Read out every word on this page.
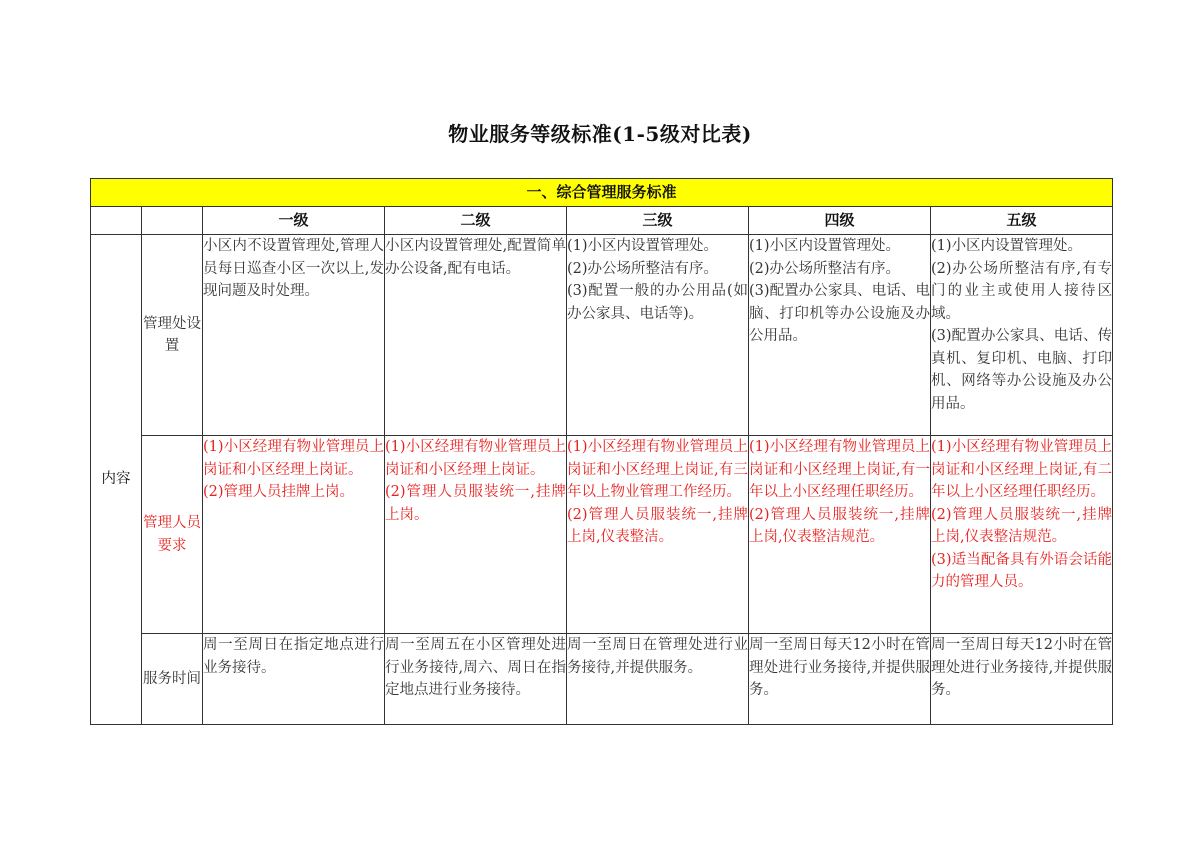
物业服务等级标准(1-5级对比表)
一、综合管理服务标准						
		一级	二级	三级	四级	五级
内容	管理处设置	小区内不设置管理处,管理人员每日巡查小区一次以上,发现问题及时处理。	小区内设置管理处,配置简单办公设备,配有电话。	(1)小区内设置管理处。
(2)办公场所整洁有序。
(3)配置一般的办公用品(如办公家具、电话等)。	(1)小区内设置管理处。
(2)办公场所整洁有序。
(3)配置办公家具、电话、电脑、打印机等办公设施及办公用品。	(1)小区内设置管理处。
(2)办公场所整洁有序,有专门的业主或使用人接待区域。
(3)配置办公家具、电话、传真机、复印机、电脑、打印机、网络等办公设施及办公用品。

	管理人员要求	(1)小区经理有物业管理员上岗证和小区经理上岗证。
(2)管理人员挂牌上岗。	(1)小区经理有物业管理员上岗证和小区经理上岗证。
(2)管理人员服装统一,挂牌上岗。	(1)小区经理有物业管理员上岗证和小区经理上岗证,有三年以上物业管理工作经历。
(2)管理人员服装统一,挂牌上岗,仪表整洁。	(1)小区经理有物业管理员上岗证和小区经理上岗证,有一年以上小区经理任职经历。
(2)管理人员服装统一,挂牌上岗,仪表整洁规范。	(1)小区经理有物业管理员上岗证和小区经理上岗证,有二年以上小区经理任职经历。
(2)管理人员服装统一,挂牌上岗,仪表整洁规范。
(3)适当配备具有外语会话能力的管理人员。

	服务时间	周一至周日在指定地点进行业务接待。	周一至周五在小区管理处进行业务接待,周六、周日在指定地点进行业务接待。	周一至周日在管理处进行业务接待,并提供服务。	周一至周日每天12小时在管理处进行业务接待,并提供服务。	周一至周日每天12小时在管理处进行业务接待,并提供服务。
